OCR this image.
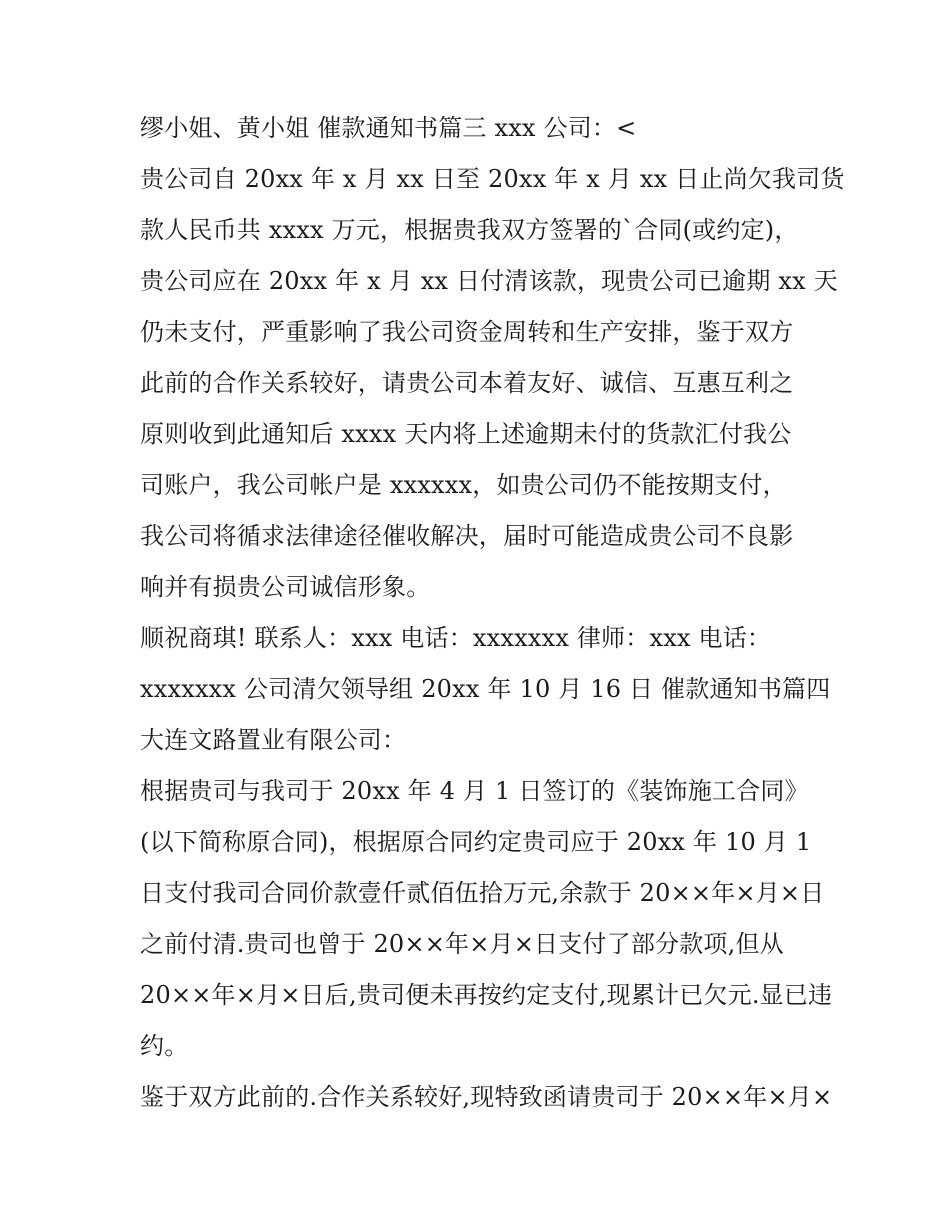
缪小姐、黄小姐 催款通知书篇三 xxx 公司：<
贵公司自 20xx 年 x 月 xx 日至 20xx 年 x 月 xx 日止尚欠我司货
款人民币共 xxxx 万元，根据贵我双方签署的`合同(或约定)，
贵公司应在 20xx 年 x 月 xx 日付清该款，现贵公司已逾期 xx 天
仍未支付，严重影响了我公司资金周转和生产安排，鉴于双方
此前的合作关系较好，请贵公司本着友好、诚信、互惠互利之
原则收到此通知后 xxxx 天内将上述逾期未付的货款汇付我公
司账户，我公司帐户是 xxxxxx，如贵公司仍不能按期支付，
我公司将循求法律途径催收解决，届时可能造成贵公司不良影
响并有损贵公司诚信形象。
顺祝商琪! 联系人：xxx 电话：xxxxxxx 律师：xxx 电话：
xxxxxxx 公司清欠领导组 20xx 年 10 月 16 日 催款通知书篇四
大连文路置业有限公司：
根据贵司与我司于 20xx 年 4 月 1 日签订的《装饰施工合同》
(以下简称原合同)，根据原合同约定贵司应于 20xx 年 10 月 1
日支付我司合同价款壹仟贰佰伍拾万元,余款于 20××年×月×日
之前付清.贵司也曾于 20××年×月×日支付了部分款项,但从
20××年×月×日后,贵司便未再按约定支付,现累计已欠元.显已违
约。
鉴于双方此前的.合作关系较好,现特致函请贵司于 20××年×月×
